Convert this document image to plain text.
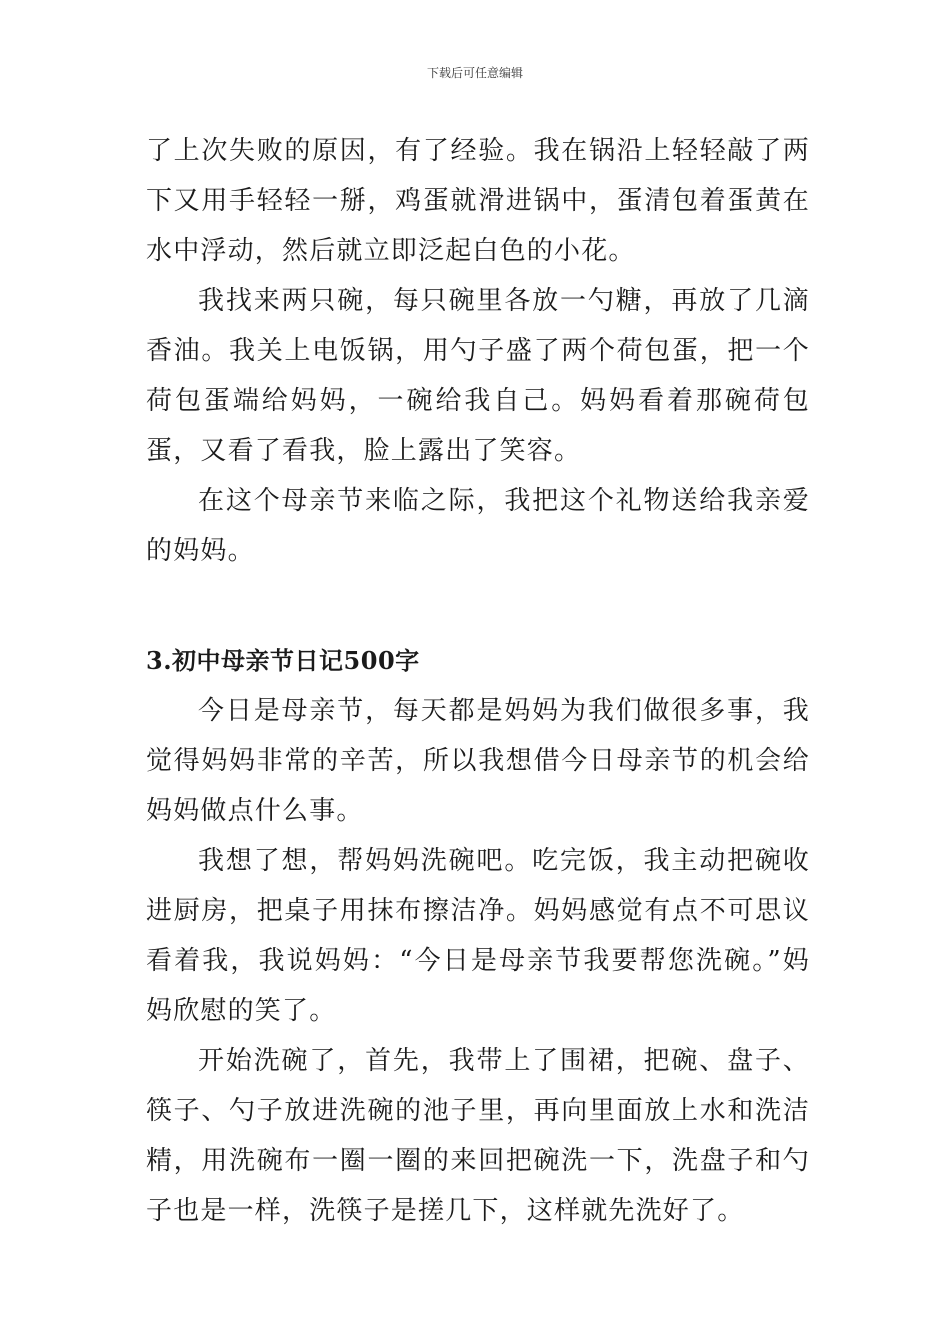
下载后可任意编辑

了上次失败的原因，有了经验。我在锅沿上轻轻敲了两下又用手轻轻一掰，鸡蛋就滑进锅中，蛋清包着蛋黄在水中浮动，然后就立即泛起白色的小花。

我找来两只碗，每只碗里各放一勺糖，再放了几滴香油。我关上电饭锅，用勺子盛了两个荷包蛋，把一个荷包蛋端给妈妈，一碗给我自己。妈妈看着那碗荷包蛋，又看了看我，脸上露出了笑容。

在这个母亲节来临之际，我把这个礼物送给我亲爱的妈妈。

3.初中母亲节日记500字

今日是母亲节，每天都是妈妈为我们做很多事，我觉得妈妈非常的辛苦，所以我想借今日母亲节的机会给妈妈做点什么事。

我想了想，帮妈妈洗碗吧。吃完饭，我主动把碗收进厨房，把桌子用抹布擦洁净。妈妈感觉有点不可思议看着我，我说妈妈：“今日是母亲节我要帮您洗碗。”妈妈欣慰的笑了。

开始洗碗了，首先，我带上了围裙，把碗、盘子、筷子、勺子放进洗碗的池子里，再向里面放上水和洗洁精，用洗碗布一圈一圈的来回把碗洗一下，洗盘子和勺子也是一样，洗筷子是搓几下，这样就先洗好了。
